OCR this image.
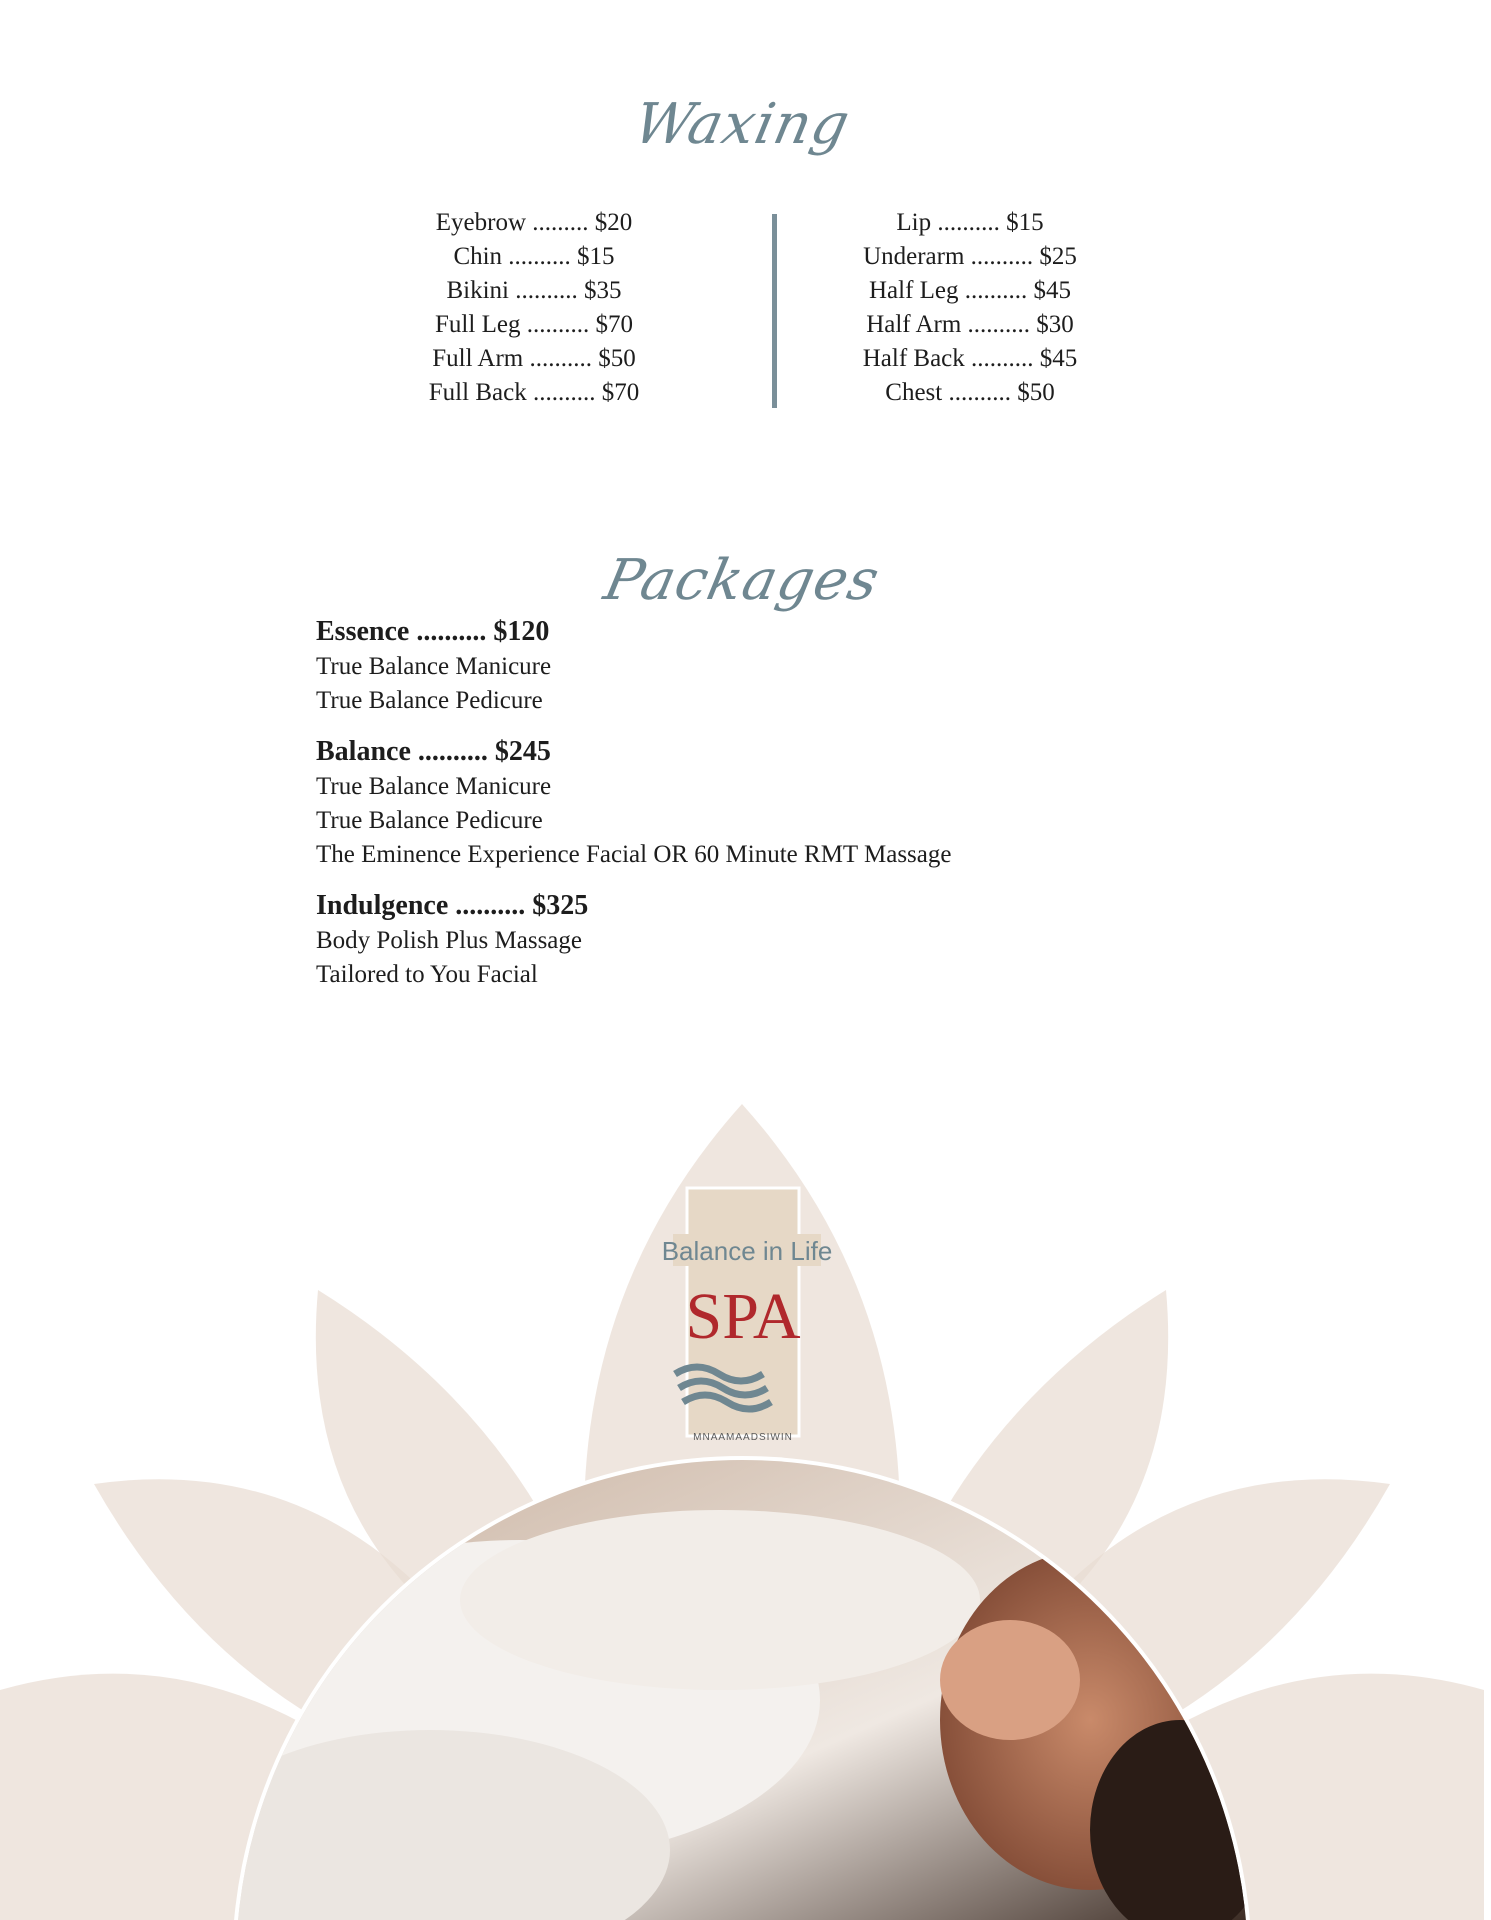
Waxing
Eyebrow ......... $20
Chin .......... $15
Bikini .......... $35
Full Leg .......... $70
Full Arm .......... $50
Full Back .......... $70
Lip .......... $15
Underarm .......... $25
Half Leg .......... $45
Half Arm .......... $30
Half Back .......... $45
Chest .......... $50
Packages
Essence .......... $120
True Balance Manicure
True Balance Pedicure
Balance .......... $245
True Balance Manicure
True Balance Pedicure
The Eminence Experience Facial OR 60 Minute RMT Massage
Indulgence .......... $325
Body Polish Plus Massage
Tailored to You Facial
Balance in Life
SPA
MNAAMAADSIWIN
